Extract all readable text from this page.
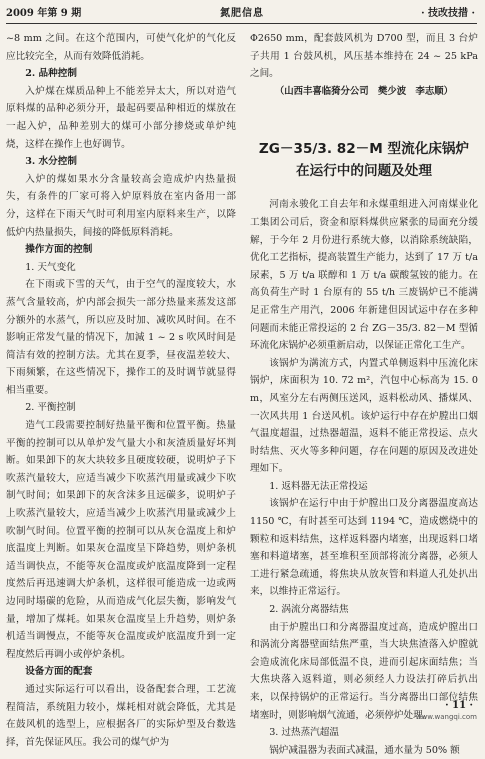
2009 年第 9 期	氮肥信息	· 技改技措 ·

~8 mm 之间。在这个范围内，可使气化炉的气化反应比较完全，从而有效降低消耗。

2. 品种控制

入炉煤在煤质品种上不能差异太大，所以对造气原料煤的品种必须分开，最起码要品种相近的煤放在一起入炉，品种差别大的煤可小部分掺烧或单炉纯烧，这样在操作上也好调节。

3. 水分控制

入炉的煤如果水分含量较高会造成炉内热量损失，有条件的厂家可将入炉原料放在室内备用一部分，这样在下雨天气时可利用室内原料来生产，以降低炉内热量损失，间接的降低原料消耗。

操作方面的控制
1. 天气变化

在下雨或下雪的天气，由于空气的湿度较大，水蒸气含量较高，炉内部会损失一部分热量来蒸发这部分额外的水蒸气，所以应及时加、减吹风时间。在不影响正常发气量的情况下，加減 1 ~ 2 s 吹风时间是简洁有效的控制方法。尤其在夏季，昼夜温差较大、下雨频繁，在这些情况下，操作工的及时调节就显得相当重要。

2. 平衡控制

造气工段需要控制好热量平衡和位置平衡。热量平衡的控制可以从单炉发气量大小和灰渣质量好坏判断。如果卸下的灰大块较多且硬度较硬，说明炉子下吹蒸汽量较大，应适当减少下吹蒸汽用量或减少下吹制气时间；如果卸下的灰含沫多且远碳多，说明炉子上吹蒸汽量较大，应适当减少上吹蒸汽用量或减少上吹制气时间。位置平衡的控制可以从灰仓温度上和炉底温度上判断。如果灰仓温度呈下降趋势，则炉条机适当调快点，不能等灰仓温度或炉底温度降到一定程度然后再迅速调大炉条机，这样很可能造成一边或两边同时塌碳的危险，从而造成气化层失衡，影响发气量，增加了煤耗。如果灰仓温度呈上升趋势，则炉条机适当调慢点，不能等灰仓温度或炉底温度升到一定程度然后再调小或停炉条机。

设备方面的配套

通过实际运行可以看出，设备配套合理，工艺流程简洁，系统阻力较小，煤耗相对就会降低，尤其是在鼓风机的选型上，应根据各厂的实际炉型及台数选择，首先保证风压。我公司的煤气炉为

Φ2650 mm，配套鼓风机为 D700 型，而且 3 台炉子共用 1 台鼓风机，风压基本维持在 24 ~ 25 kPa 之间。

（山西丰喜临猗分公司　樊少波　李志顺）

ZG－35/3. 82－M 型流化床锅炉

在运行中的问题及处理

河南永骏化工自去年和永煤重组进入河南煤业化工集团公司后，资金和原料煤供应紧张的局面充分缓解，于今年 2 月份进行系统大修，以消除系统缺陷，优化工艺指标，提高装置生产能力，达到了 17 万 t/a 尿素，5 万 t/a 联醇和 1 万 t/a 碳酸氢铵的能力。在高负荷生产时 1 台原有的 55 t/h 三废锅炉已不能满足正常生产用汽，2006 年新建但因试运中存在多种问题而未能正常投运的 2 台 ZG－35/3. 82－M 型循环流化床锅炉必须重新启动，以保证正常化工生产。

该锅炉为满流方式，内置式单侧返料中压流化床锅炉，床面积为 10. 72 m²，汽包中心标高为 15. 0 m，风室分左右两侧压送风，返料松动风、播煤风、一次风共用 1 台送风机。该炉运行中存在炉膛出口烟气温度超温，过热器超温，返料不能正常投运、点火时结焦、灭火等多种问题，存在问题的原因及改进处理如下。

1. 返料器无法正常投运

该锅炉在运行中由于炉膛出口及分离器温度高达 1150 ℃，有时甚至可达到 1194 ℃，造成燃烧中的颗粒和返料结焦，这样返料器内堵塞，出现返料口堵塞和料道堵塞，甚至堆积至顶部将流分离器，必须人工进行紧急疏通，将焦块从放灰管和料道人孔处扒出来，以维持正常运行。

2. 涡流分离器结焦

由于炉膛出口和分离器温度过高，造成炉膛出口和涡流分离器壁面结焦严重，当大块焦渣落入炉膛就会造成流化床局部低温不良，进而引起床面结焦；当大焦块落入返料道，则必须经人力设法打碎后扒出来，以保持锅炉的正常运行。当分离器出口部位结焦堵塞时，则影响烟气流通，必须停炉处理。

3. 过热蒸汽超温

锅炉减温器为表面式减温，通水量为 50% 额

· 11 ·
www.wangqi.com
